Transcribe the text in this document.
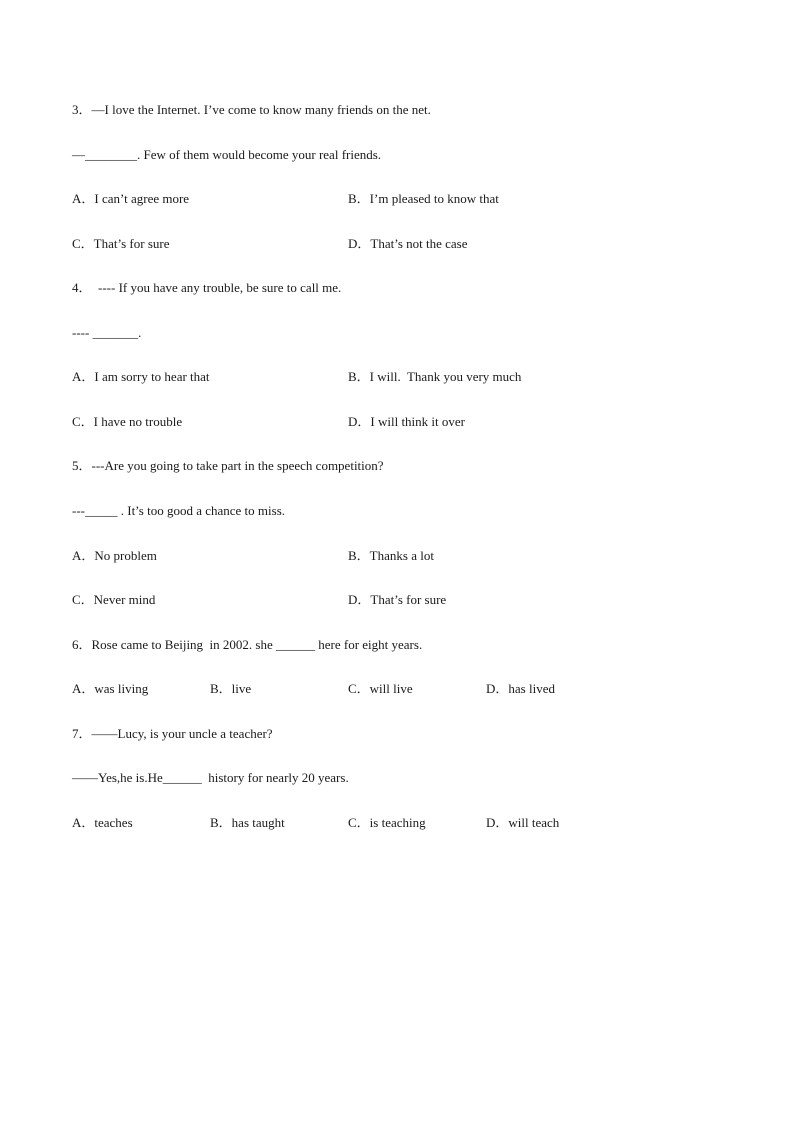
3．—I love the Internet. I’ve come to know many friends on the net.
—________. Few of them would become your real friends.
A．I can’t agree more	B．I’m pleased to know that
C．That’s for sure	D．That’s not the case
4．  ---- If you have any trouble, be sure to call me.
---- _______.
A．I am sorry to hear that	B．I will.  Thank you very much
C．I have no trouble	D．I will think it over
5．---Are you going to take part in the speech competition?
---_____ . It’s too good a chance to miss.
A．No problem	B．Thanks a lot
C．Never mind	D．That’s for sure
6．Rose came to Beijing  in 2002. she ______ here for eight years.
A．was living	B．live	C．will live	D．has lived
7．——Lucy, is your uncle a teacher?
——Yes,he is.He______  history for nearly 20 years.
A．teaches	B．has taught	C．is teaching	D．will teach
